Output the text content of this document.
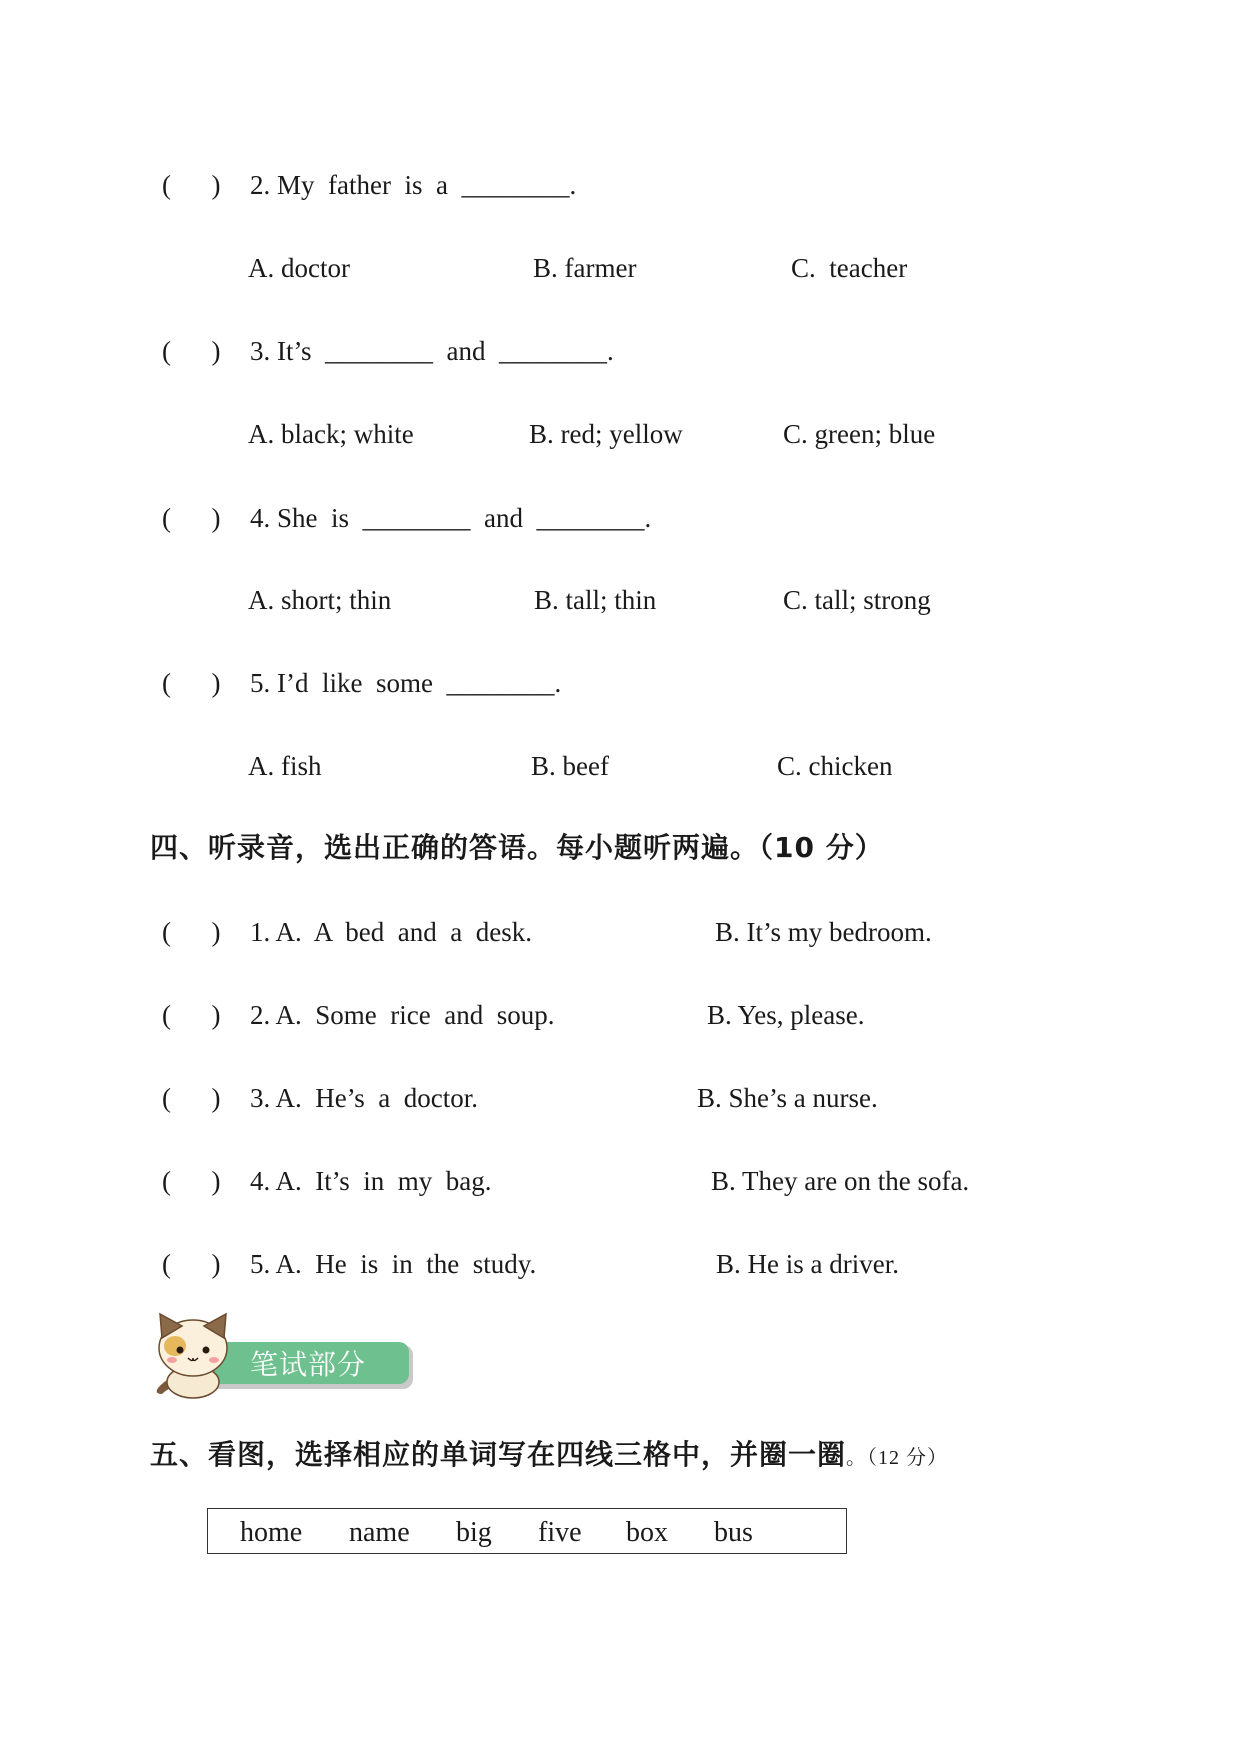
(      ) 2. My  father  is  a  ________.
A. doctor	B. farmer	C.  teacher
(      ) 3. It’s  ________  and  ________.
A. black; white	B. red; yellow	C. green; blue
(      ) 4. She  is  ________  and  ________.
A. short; thin	B. tall; thin	C. tall; strong
(      ) 5. I’d  like  some  ________.
A. fish	B. beef	C. chicken
四、听录音，选出正确的答语。每小题听两遍。（10 分）
(      ) 1. A.  A  bed  and  a  desk.	B. It’s my bedroom.
(      ) 2. A.  Some  rice  and  soup.	B. Yes, please.
(      ) 3. A.  He’s  a  doctor.	B. She’s a nurse.
(      ) 4. A.  It’s  in  my  bag.	B. They are on the sofa.
(      ) 5. A.  He  is  in  the  study.	B. He is a driver.
笔试部分
五、看图，选择相应的单词写在四线三格中，并圈一圈。（12 分）
home name big five box bus
